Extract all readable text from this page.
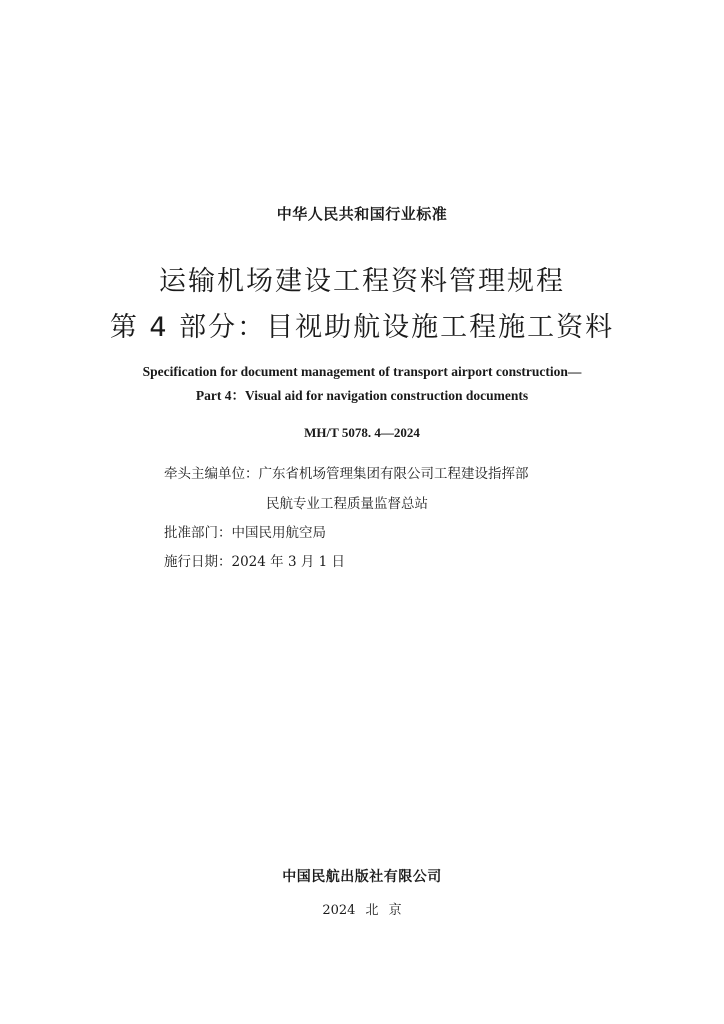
中华人民共和国行业标准
运输机场建设工程资料管理规程
第 4 部分：目视助航设施工程施工资料
Specification for document management of transport airport construction—
Part 4：Visual aid for navigation construction documents
MH/T 5078. 4—2024
牵头主编单位：广东省机场管理集团有限公司工程建设指挥部
民航专业工程质量监督总站
批准部门：中国民用航空局
施行日期：2024 年 3 月 1 日
中国民航出版社有限公司
2024 北 京
